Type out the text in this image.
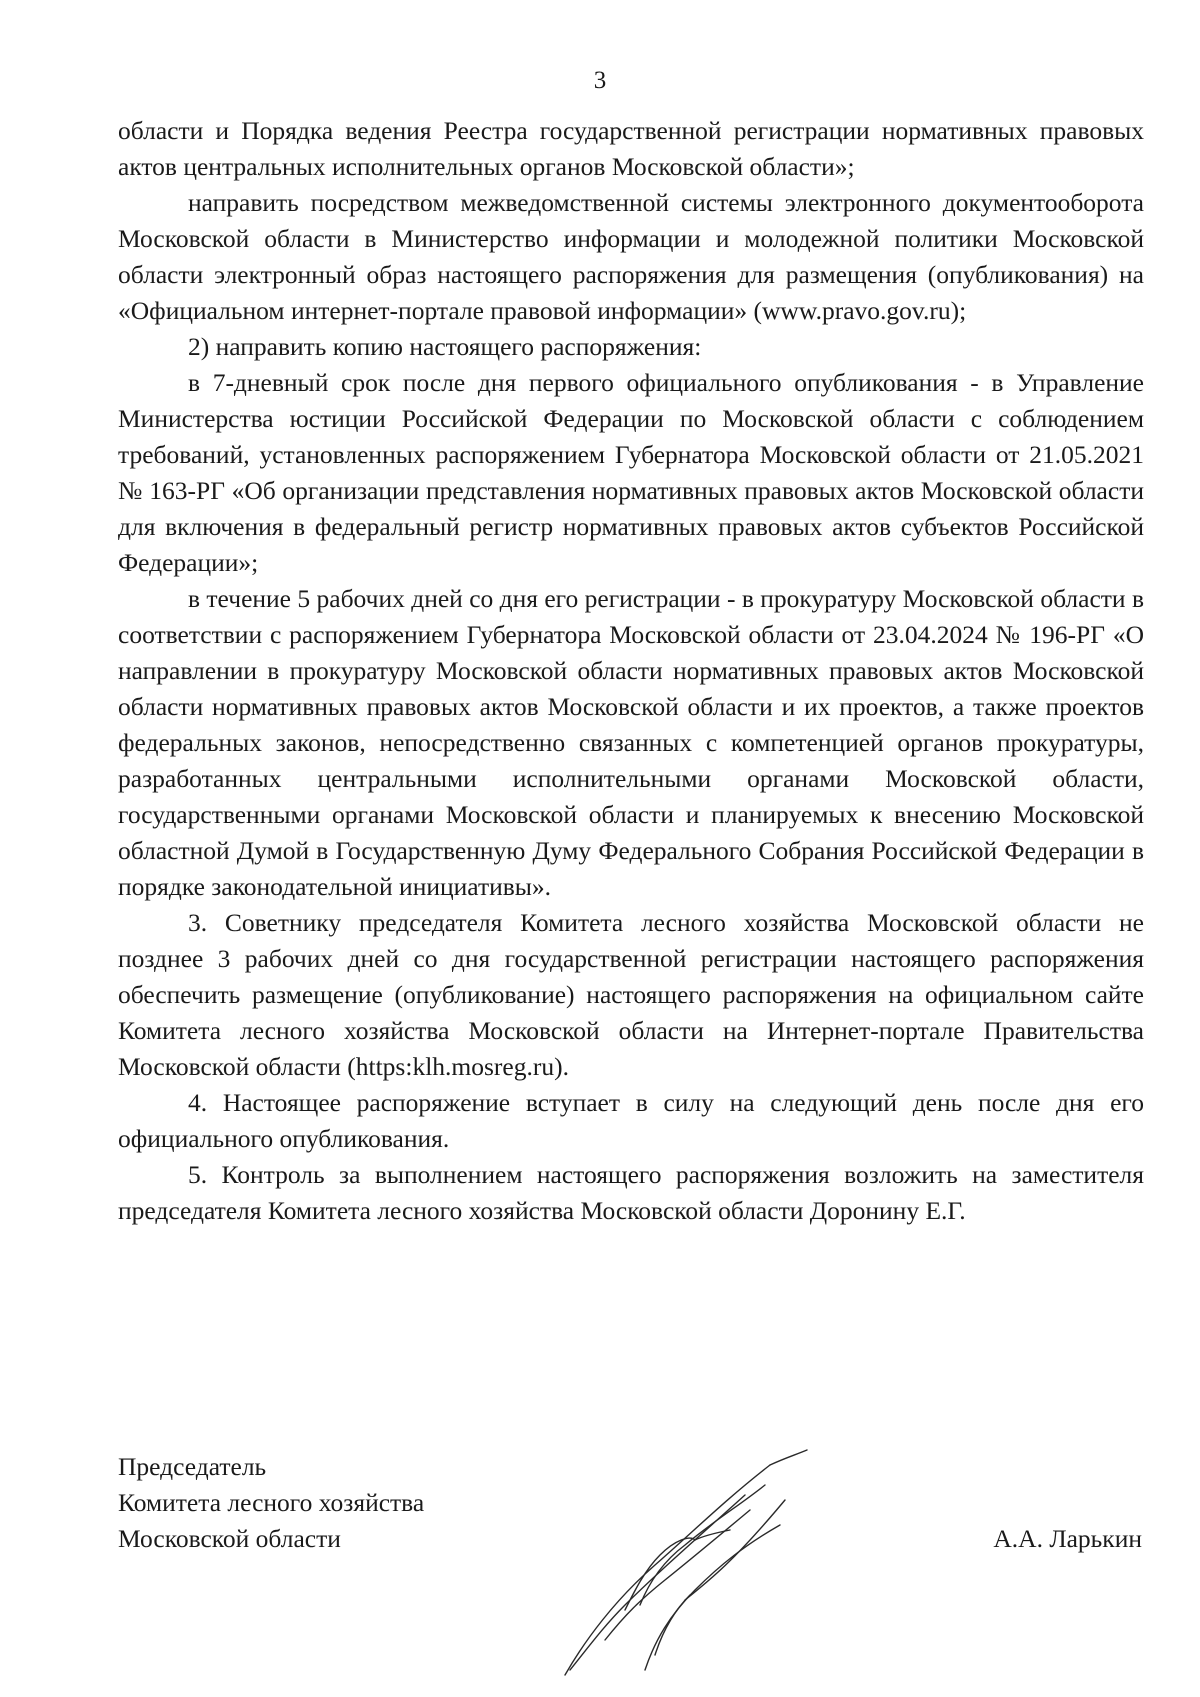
3

области и Порядка ведения Реестра государственной регистрации нормативных правовых актов центральных исполнительных органов Московской области»;

направить посредством межведомственной системы электронного документооборота Московской области в Министерство информации и молодежной политики Московской области электронный образ настоящего распоряжения для размещения (опубликования) на «Официальном интернет-портале правовой информации» (www.pravo.gov.ru);

2) направить копию настоящего распоряжения:

в 7-дневный срок после дня первого официального опубликования - в Управление Министерства юстиции Российской Федерации по Московской области с соблюдением требований, установленных распоряжением Губернатора Московской области от 21.05.2021 № 163-РГ «Об организации представления нормативных правовых актов Московской области для включения в федеральный регистр нормативных правовых актов субъектов Российской Федерации»;

в течение 5 рабочих дней со дня его регистрации - в прокуратуру Московской области в соответствии с распоряжением Губернатора Московской области от 23.04.2024 № 196-РГ «О направлении в прокуратуру Московской области нормативных правовых актов Московской области нормативных правовых актов Московской области и их проектов, а также проектов федеральных законов, непосредственно связанных с компетенцией органов прокуратуры, разработанных центральными исполнительными органами Московской области, государственными органами Московской области и планируемых к внесению Московской областной Думой в Государственную Думу Федерального Собрания Российской Федерации в порядке законодательной инициативы».

3. Советнику председателя Комитета лесного хозяйства Московской области не позднее 3 рабочих дней со дня государственной регистрации настоящего распоряжения обеспечить размещение (опубликование) настоящего распоряжения на официальном сайте Комитета лесного хозяйства Московской области на Интернет-портале Правительства Московской области (https:klh.mosreg.ru).

4. Настоящее распоряжение вступает в силу на следующий день после дня его официального опубликования.

5. Контроль за выполнением настоящего распоряжения возложить на заместителя председателя Комитета лесного хозяйства Московской области Доронину Е.Г.

Председатель
Комитета лесного хозяйства
Московской области	А.А. Ларькин
